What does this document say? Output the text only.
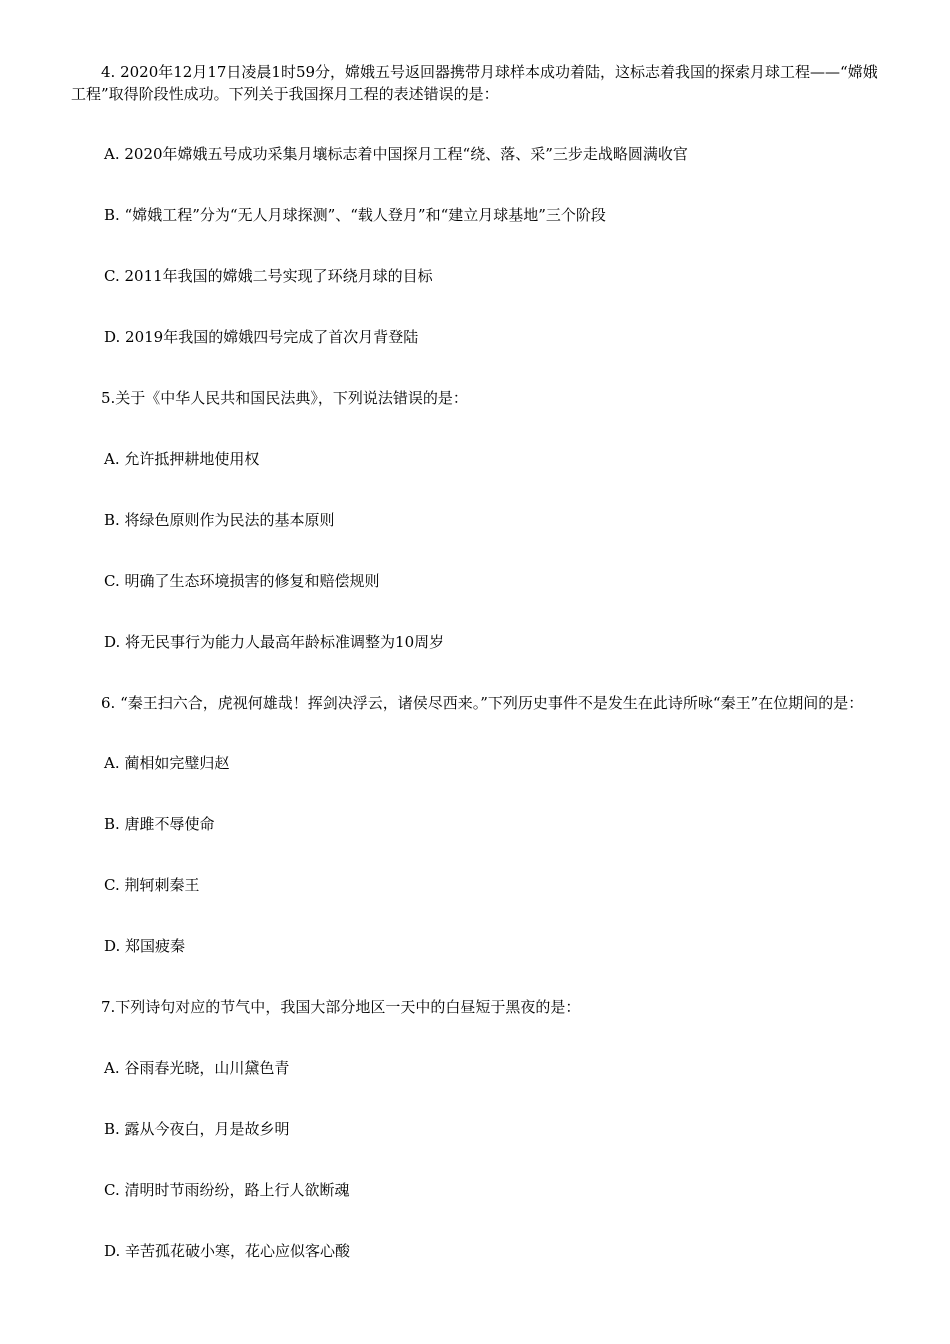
4. 2020年12月17日凌晨1时59分，嫦娥五号返回器携带月球样本成功着陆，这标志着我国的探索月球工程——“嫦娥工程”取得阶段性成功。下列关于我国探月工程的表述错误的是：

A. 2020年嫦娥五号成功采集月壤标志着中国探月工程“绕、落、采”三步走战略圆满收官

B. “嫦娥工程”分为“无人月球探测”、“载人登月”和“建立月球基地”三个阶段

C. 2011年我国的嫦娥二号实现了环绕月球的目标

D. 2019年我国的嫦娥四号完成了首次月背登陆

5.关于《中华人民共和国民法典》，下列说法错误的是：

A. 允许抵押耕地使用权

B. 将绿色原则作为民法的基本原则

C. 明确了生态环境损害的修复和赔偿规则

D. 将无民事行为能力人最高年龄标准调整为10周岁

6. “秦王扫六合，虎视何雄哉！挥剑决浮云，诸侯尽西来。”下列历史事件不是发生在此诗所咏“秦王”在位期间的是：

A. 蔺相如完璧归赵

B. 唐雎不辱使命

C. 荆轲刺秦王

D. 郑国疲秦

7.下列诗句对应的节气中，我国大部分地区一天中的白昼短于黑夜的是：

A. 谷雨春光晓，山川黛色青

B. 露从今夜白，月是故乡明

C. 清明时节雨纷纷，路上行人欲断魂

D. 辛苦孤花破小寒，花心应似客心酸
